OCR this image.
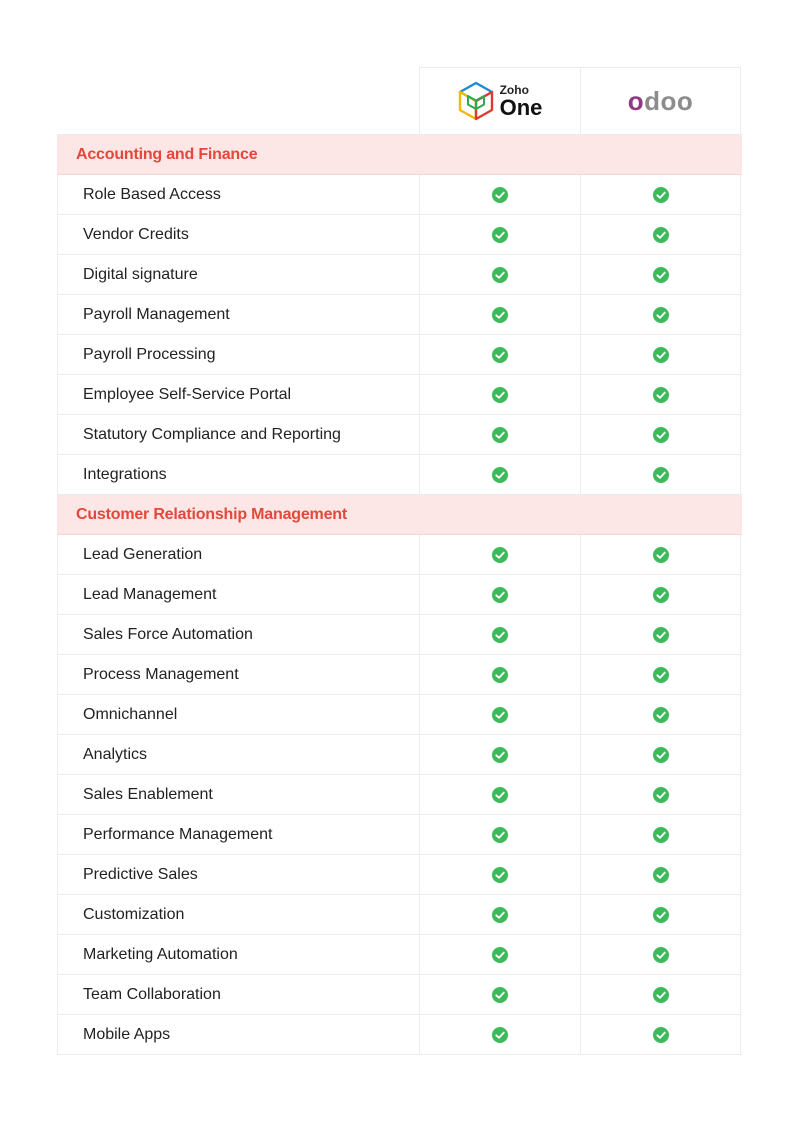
Zoho
One	odoo
Accounting and Finance
Role Based Access
Vendor Credits
Digital signature
Payroll Management
Payroll Processing
Employee Self-Service Portal
Statutory Compliance and Reporting
Integrations
Customer Relationship Management
Lead Generation
Lead Management
Sales Force Automation
Process Management
Omnichannel
Analytics
Sales Enablement
Performance Management
Predictive Sales
Customization
Marketing Automation
Team Collaboration
Mobile Apps
